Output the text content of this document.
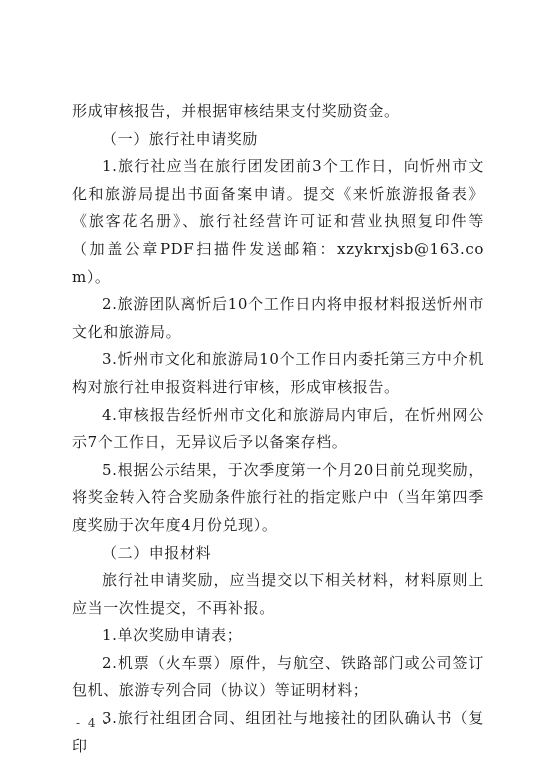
形成审核报告，并根据审核结果支付奖励资金。

（一）旅行社申请奖励

1.旅行社应当在旅行团发团前3个工作日，向忻州市文化和旅游局提出书面备案申请。提交《来忻旅游报备表》《旅客花名册》、旅行社经营许可证和营业执照复印件等（加盖公章PDF扫描件发送邮箱：xzykrxjsb@163.com）。

2.旅游团队离忻后10个工作日内将申报材料报送忻州市文化和旅游局。

3.忻州市文化和旅游局10个工作日内委托第三方中介机构对旅行社申报资料进行审核，形成审核报告。

4.审核报告经忻州市文化和旅游局内审后，在忻州网公示7个工作日，无异议后予以备案存档。

5.根据公示结果，于次季度第一个月20日前兑现奖励，将奖金转入符合奖励条件旅行社的指定账户中（当年第四季度奖励于次年度4月份兑现）。

（二）申报材料

旅行社申请奖励，应当提交以下相关材料，材料原则上应当一次性提交，不再补报。

1.单次奖励申请表；

2.机票（火车票）原件，与航空、铁路部门或公司签订包机、旅游专列合同（协议）等证明材料；

3.旅行社组团合同、组团社与地接社的团队确认书（复印

- 4 -
